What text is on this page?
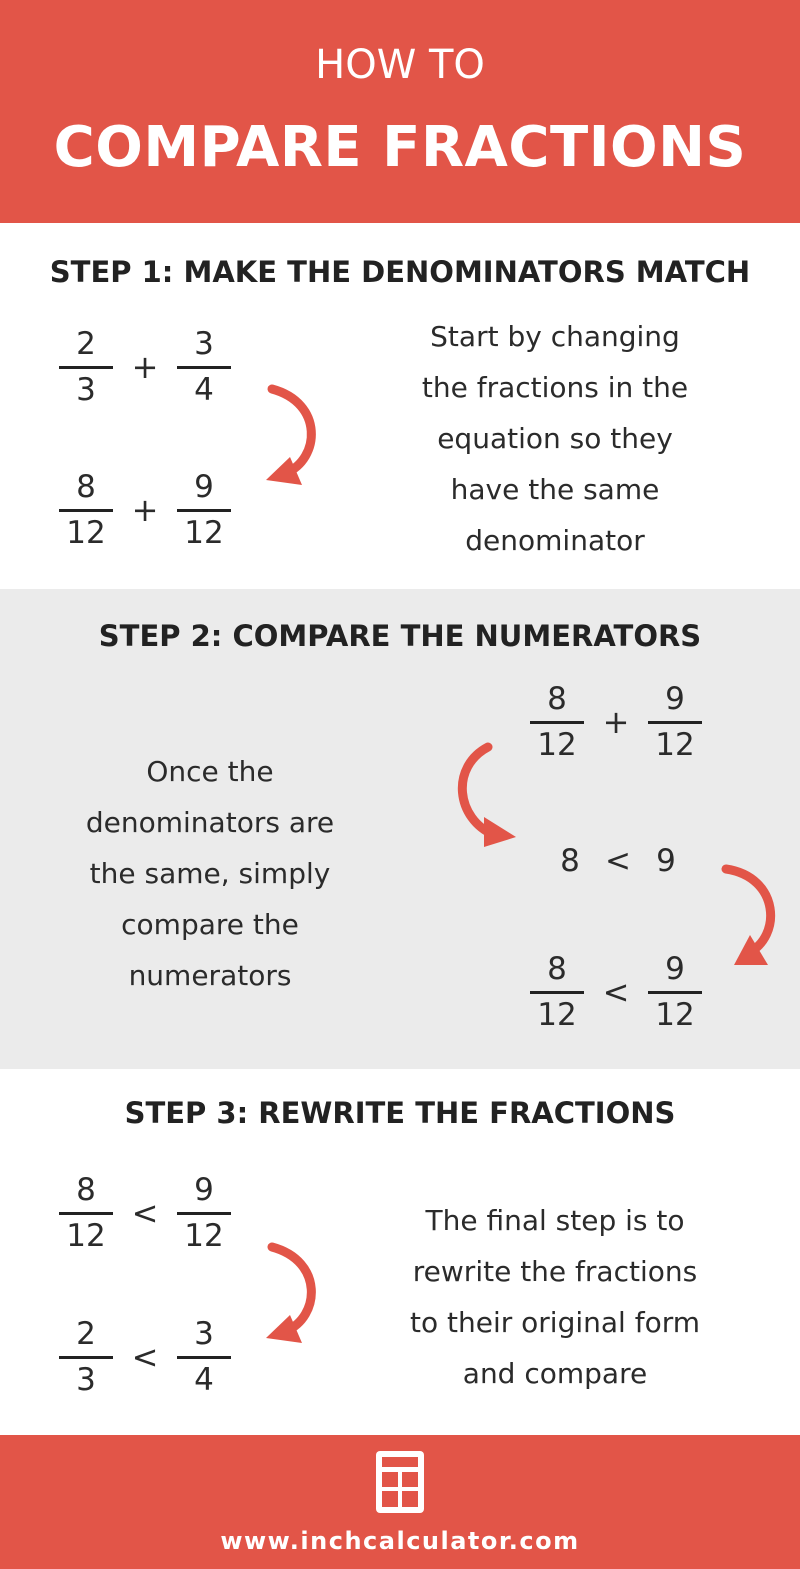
HOW TO
COMPARE FRACTIONS
STEP 1: MAKE THE DENOMINATORS MATCH
$\frac{2}{3} + \frac{3}{4}$
$\frac{8}{12} + \frac{9}{12}$
Start by changing
the fractions in the
equation so they
have the same
denominator
STEP 2: COMPARE THE NUMERATORS
Once the
denominators are
the same, simply
compare the
numerators
$\frac{8}{12} + \frac{9}{12}$
8 < 9
$\frac{8}{12} < \frac{9}{12}$
STEP 3: REWRITE THE FRACTIONS
$\frac{8}{12} < \frac{9}{12}$
$\frac{2}{3} < \frac{3}{4}$
The final step is to
rewrite the fractions
to their original form
and compare
www.inchcalculator.com
